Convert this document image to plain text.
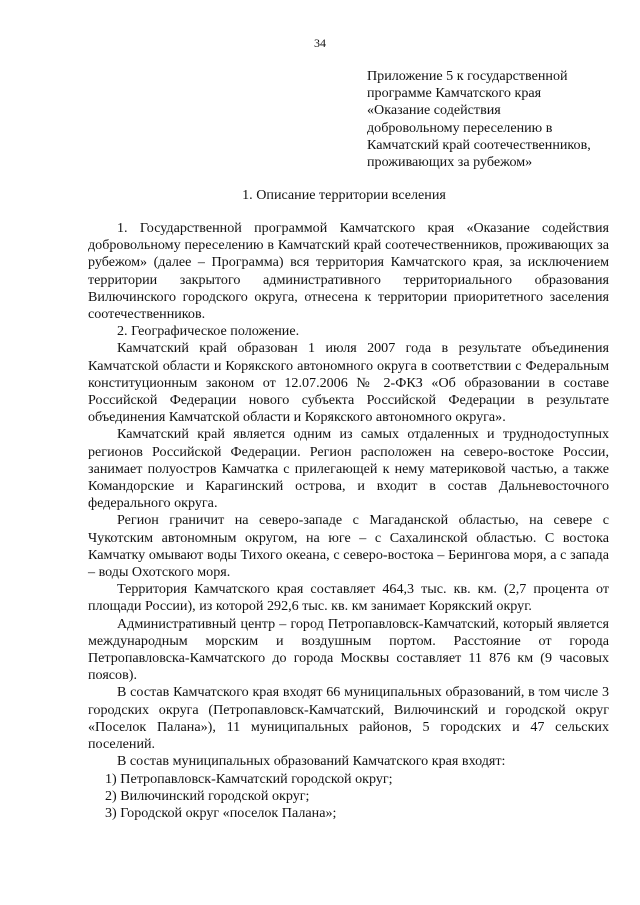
34
Приложение 5 к государственной
программе Камчатского края
«Оказание содействия
добровольному переселению в
Камчатский край соотечественников,
проживающих за рубежом»
1. Описание территории вселения

1. Государственной программой Камчатского края «Оказание содействия добровольному переселению в Камчатский край соотечественников, проживающих за рубежом» (далее – Программа) вся территория Камчатского края, за исключением территории закрытого административного территориального образования Вилючинского городского округа, отнесена к территории приоритетного заселения соотечественников.

2. Географическое положение.

Камчатский край образован 1 июля 2007 года в результате объединения Камчатской области и Корякского автономного округа в соответствии с Федеральным конституционным законом от 12.07.2006 № 2-ФКЗ «Об образовании в составе Российской Федерации нового субъекта Российской Федерации в результате объединения Камчатской области и Корякского автономного округа».

Камчатский край является одним из самых отдаленных и труднодоступных регионов Российской Федерации. Регион расположен на северо-востоке России, занимает полуостров Камчатка с прилегающей к нему материковой частью, а также Командорские и Карагинский острова, и входит в состав Дальневосточного федерального округа.

Регион граничит на северо-западе с Магаданской областью, на севере с Чукотским автономным округом, на юге – с Сахалинской областью. С востока Камчатку омывают воды Тихого океана, с северо-востока – Берингова моря, а с запада – воды Охотского моря.

Территория Камчатского края составляет 464,3 тыс. кв. км. (2,7 процента от площади России), из которой 292,6 тыс. кв. км занимает Корякский округ.

Административный центр – город Петропавловск-Камчатский, который является международным морским и воздушным портом. Расстояние от города Петропавловска-Камчатского до города Москвы составляет 11 876 км (9 часовых поясов).

В состав Камчатского края входят 66 муниципальных образований, в том числе 3 городских округа (Петропавловск-Камчатский, Вилючинский и городской округ «Поселок Палана»), 11 муниципальных районов, 5 городских и 47 сельских поселений.

В состав муниципальных образований Камчатского края входят:

1) Петропавловск-Камчатский городской округ;

2) Вилючинский городской округ;

3) Городской округ «поселок Палана»;
